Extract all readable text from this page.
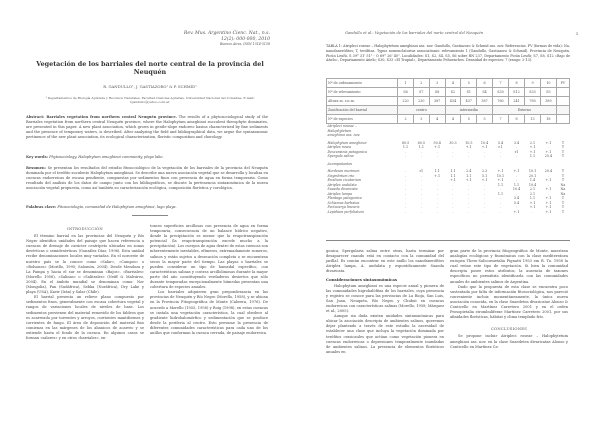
Rev. Mus. Argentino Cienc. Nat., n.s.
12(2): 000-000, 2010
Buenos Aires, ISSN 1514-5158
Vegetación de los barriales del norte central de la provincia del Neuquén
R. GANDULLO¹, J. GASTIAZORO¹ & P. SCHMID¹
¹ Departamentos de Biología Aplicada y Recursos Naturales, Facultad Ciencias Agrarias, Universidad Nacional del Comahue. E-mail: rgandullo@yahoo.com.ar.
Abstract: Barriales vegetation from northern central Neuquén province. The results of a phytosociological study of the Barriales vegetation from northern central Neuquén province, where the Halophytum ameghinoi succulent therophyte dominates, are presented in this paper. A new plant association, which grows in gentle-slope endoreic basins characterized by fine sediments and the presence of temporary waters, is described. After analyzing the field and bibliographical data, we argue the syntaxonomic pertinence of the new plant association, its ecological characterization, floristic composition and chorology.
Key words: Phytosociology, Halophytum ameghinoi community, playa lake.
Resumen: Se presentan los resultados del estudio fitosociológico de la vegetación de los barriales de la provincia del Neuquén dominada por el terófito suculento Halophytum ameghinoi. Se describe una nueva asociación vegetal que se desarrolla y localiza en cuencas endorreicas de escasa pendiente, compuestas por sedimentos finos con presencia de agua en forma temporaria. Como resultado del análisis de los datos de campo junto con los bibliográficos, se discute la pertenencia sintaxonómica de la nueva asociación vegetal propuesta, como así también su caracterización ecológica, composición florística y corológica.
Palabras clave: Fitosociología, comunidad de Halophytum ameghinoi, lago playa.
INTRODUCCIÓN

El término barrial en las provincias del Neuquén y Río Negro identifica unidades del paisaje que hacen referencia a cuencas de drenaje de carácter centrípeto ubicadas en zonas desérticas o semidesérticas (González Díaz, 1996). Esta unidad recibe denominaciones locales muy variadas. En el noroeste de nuestro país se la conoce como «Salar», «Campos» o «Bolsones» (Morillo, 1995; Salomón, 2004). Desde Mendoza y La Pampa y hacia el sur se denominan «Bajos», «Barriales» (Morello 1958), «Salinas» o «Salitrales» (Neiff & Malvárez, 2004). En el ámbito mundial se denominan como: Nor (Mongolia), Pan (Sudáfrica), Sebka (Noráfrica), Dry Lake y playa (USA), Kavir (Irán) y Salar (Chile).

El barrial presenta un relieve plano compuesto por sedimentos finos, generalmente con escasa cobertura vegetal y rangos de variaciones locales de niveles de base. Los sedimentos provienen del material removido de los faldeos que es acarreado por torrentes y arroyos, corrientes mantiformes y corrientes de fango. El área de deposición del material fino comienza en las márgenes de los abanicos de acarreo y se extiende hasta el fondo de la cuenca. En algunos casos se forman «salares» y en otros «barriales», en-

tonces superficies arcillosas con presencia de agua en forma temporaria, consecuencia de un balance hídrico negativo, donde la precipitación es menor que la evapotranspiración potencial (la evapotranspiración excede mucho a la precipitación). Los cuerpos de agua dentro de estas cuencas son inherentemente inestables, efímeros, extremadamente someros, salinos y están sujetos a desecación completa o se encuentran secos la mayor parte del tiempo. Las playas o barriales se pueden considerar un tipo de humedal específico, con características salinas y costras arcillolimosas durante la mayor parte del año constituyendo verdaderos desiertos que sólo durante temporadas excepcionalmente húmedas presentan una cobertura de especies anuales.

Los barriales adquieren gran preponderancia en las provincias de Neuquén y Río Negro (Morello, 1958), y se ubican en la Provincia Fitogeográfica de Monte (Cabrera, 1976). De acuerdo a Morello (1955, 1958) y Roig (1998), en estas cuencas se instala una vegetación característica, la cual obedece al gradiente hidrohalomórfico y sedimentación que se produce desde la periferia al centro. Esto presume la presencia de diferentes comunidades características para cada uno de los anillos que conforman la cuenca cerrada, de paisaje endorreica.

Gandullo et al.: Vegetación de los barriales del norte central del Neuquén	3
TABLA 1: Atripleci roseae – Halophytetum ameghinoi ass. nov. Gandullo, Gastiazoro & Schmid ass. nov. Referencias. FV (formas de vida): Na, nanofanerófitos; T, terófitas. Typus nomenclatorius associationis: relevamiento 1 (Gandullo, Gastiazoro & Schmid). Provincia de Neuquén, Picún Leufú, S 39° 31' 51" - O 69° 26' 40". Localidades: S1, S2, S4, S5, S6 sobre RN 237, Departamento Picún Leufú; S7, S8, S12 «Bajo de Añelo», Departamento Añelo; S30, S33 «El Trapial», Departamento Pehuenches. Densidad de especies: 7 (rango: 2-13).
Nº de ordenamiento	1	2	3	4	5	6	7	8	9	10	FV
Nº de relevamiento	S6	S7	S8	S2	S1	S4	S30	S12	S33	S5	
Altura m. s.n.m.	220	230	387	434	437	387	760	241	780	389	
Zonificación del barrial	centro			intermedia			Externo				
Nº de especies	2	3	4	4	5	5	7	8	13	18	
Atripleci roseae – Halophytetum ameghinoi ass. nov.											

Halophytum ameghinoi	80.5	60.5	50.4	30.3	10.5	10.4	5.4	3.4	2.1	+.1	T
Atriplex rosea	1.1	1.1	+.1	.	+.1	+.1	r.1	.	+.1	.	T
Descurainia patagonica	.	.	.	.	.	.	.	r1	+.1	+.1	T
Spergula salina	.	.	.	.	.	.	.	.	1.1	25.4	T

Acompañantes											

Hordeum murinum	.	r1	1.1	1.1	2.4	2.3	+.1	+.1	10.1	20.4	T
Sisymbrium irio	.	.	+.1	1.1	1.1	5.1	10.1	.	20.1	.	T
Erodium cicutarium	.	.	.	+.1	+.1	+.1	+.1	.	1.4	+.1	T
Atriplex undulata	.	.	.	.	.	.	1.1	1.1	10.4	.	Na
Suaeda divaricata	.	.	.	.	.	.	.	10.4	2.1	+.1	Na
Atriplex lampa	.	.	.	.	.	.	1.1	.	2.1	.	Na
Plantago patagonica	.	.	.	.	.	.	.	3.4	1.1	+.1	T
Schismus barbatus	.	.	.	.	.	.	.	5.4	+.1	+.1	T
Pectocarya linearis	.	.	.	.	.	.	.	.	+.1	+.1	T
Lepidium perfoliatum	.	.	.	.	.	.	.	+.1	.	+.1	T

gonica, Spergularia salina entre otras, hasta terminar por desaparecer cuando está en contacto con la comunidad del jarillal. Es común encontrar en este anillo los nanofanerófitos Atriplex lampa, A. undulata y esporádicamente Suaeda divaricata.

Consideraciones sintaxonómicas

Halophytum ameghinoi es una especie anual y pionera de las comunidades higrohalófitas de los barriales, cuya presencia y registro se conoce para las provincias de La Rioja, San Luis, San Juan, Neuquén, Río Negro y Chubut en cuencas endorreicas con características salinas (Morello, 1958; Márquez et al., 2005).

Aunque sin duda existen unidades sintaxonómicas para ubicar la asociación descripta de ambientes salinos, queremos dejar planteado a través de este estudio la necesidad de establecer una clase que incluya la vegetación dominada por terófitos crasicaules que actúan como vegetación pionera en cuencas endorreicas o depresiones temporalmente inundadas de ambientes salinos. La presencia de elementos florísticos anuales en

gran parte de la provincia fitogeográfica de Monte, muestran analogías ecológicas y fisonómicas con la clase mediterránea europea Thero-Salicornietalia Pignatti 1953 em R. Tx. 1958 la cual reúne este tipo de vegetación. Si bien la comunidad descripta posee estos atributos, la ausencia de taxones específicos no permitiría identificarla con las comunidades anuales de ambientes salinos de Argentina.

Dado que la propuesta de esta clase se encuentra poco sustentada por falta de información fitosociológica, nos pareció conveniente incluir, momentáneamente, la única nueva asociación conocida, en la clase Suaedetea divaricatae Alonso & Conticello en Martínez Carretero 2001 y en el orden Prosopietalia strombuliferae Martínez Carretero 2001, por sus afinidades florísticas, hábitat y clima templado frío.

CONCLUSIONES

Se propone incluir Atripleci roseae – Halophytetum ameghinoi ass. nov. en la clase Suaedetea divaricatae Alonso y Conticello en Martínez Ca-
